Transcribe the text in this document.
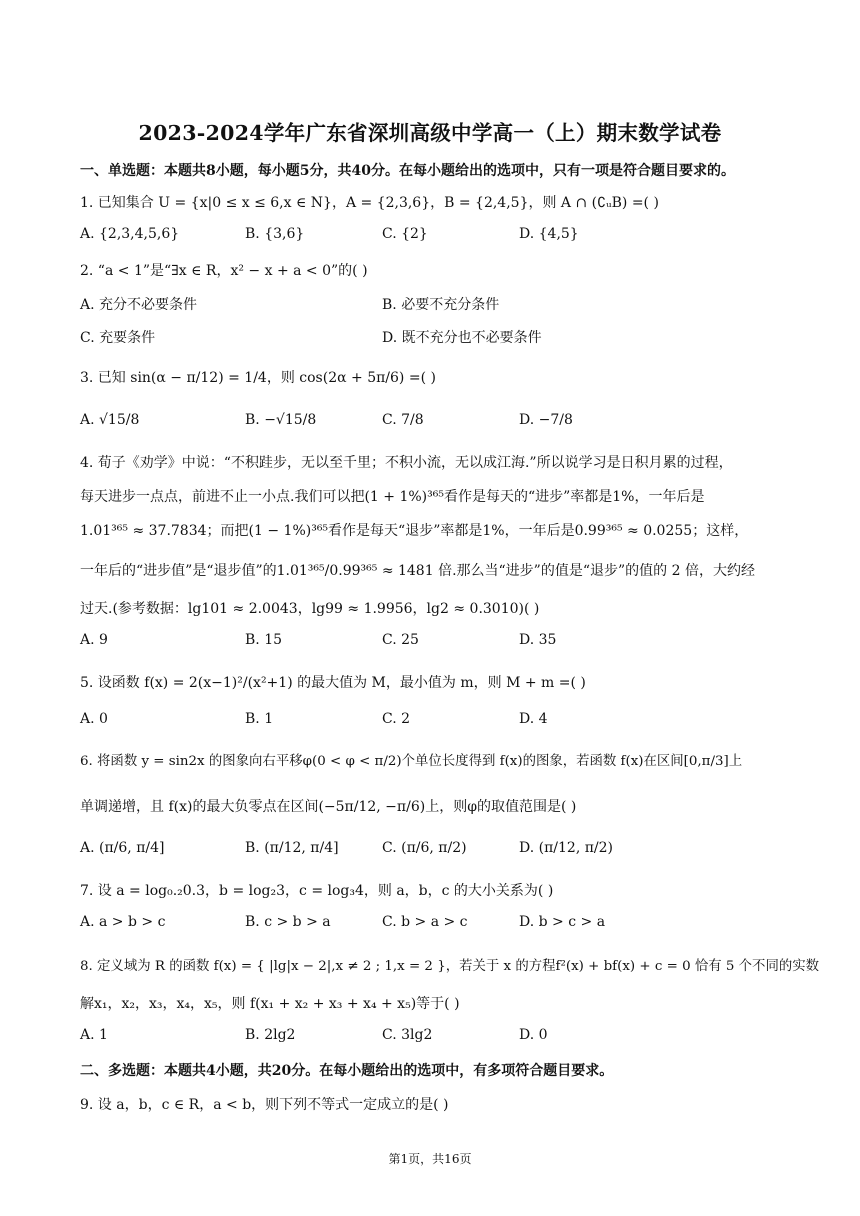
2023-2024学年广东省深圳高级中学高一（上）期末数学试卷
一、单选题：本题共8小题，每小题5分，共40分。在每小题给出的选项中，只有一项是符合题目要求的。
1. 已知集合 U = {x|0 ≤ x ≤ 6,x ∈ N}，A = {2,3,6}，B = {2,4,5}，则 A ∩ (∁ᵤB) =( )
A. {2,3,4,5,6}	B. {3,6}	C. {2}	D. {4,5}
2. “a < 1”是“∃x ∈ R，x² − x + a < 0”的( )
A. 充分不必要条件	B. 必要不充分条件
C. 充要条件	D. 既不充分也不必要条件
3. 已知 sin(α − π/12) = 1/4，则 cos(2α + 5π/6) =( )
A. √15/8	B. −√15/8	C. 7/8	D. −7/8
4. 荀子《劝学》中说：“不积跬步，无以至千里；不积小流，无以成江海.”所以说学习是日积月累的过程，
每天进步一点点，前进不止一小点.我们可以把(1 + 1%)³⁶⁵看作是每天的“进步”率都是1%，一年后是
1.01³⁶⁵ ≈ 37.7834；而把(1 − 1%)³⁶⁵看作是每天“退步”率都是1%，一年后是0.99³⁶⁵ ≈ 0.0255；这样，
一年后的“进步值”是“退步值”的1.01³⁶⁵/0.99³⁶⁵ ≈ 1481 倍.那么当“进步”的值是“退步”的值的 2 倍，大约经
过天.(参考数据：lg101 ≈ 2.0043，lg99 ≈ 1.9956，lg2 ≈ 0.3010)( )
A. 9	B. 15	C. 25	D. 35
5. 设函数 f(x) = 2(x−1)²/(x²+1) 的最大值为 M，最小值为 m，则 M + m =( )
A. 0	B. 1	C. 2	D. 4
6. 将函数 y = sin2x 的图象向右平移φ(0 < φ < π/2)个单位长度得到 f(x)的图象，若函数 f(x)在区间[0,π/3]上
单调递增，且 f(x)的最大负零点在区间(−5π/12, −π/6)上，则φ的取值范围是( )
A. (π/6, π/4]	B. (π/12, π/4]	C. (π/6, π/2)	D. (π/12, π/2)
7. 设 a = log₀.₂0.3，b = log₂3，c = log₃4，则 a，b，c 的大小关系为( )
A. a > b > c	B. c > b > a	C. b > a > c	D. b > c > a
8. 定义域为 R 的函数 f(x) = { |lg|x − 2|,x ≠ 2 ; 1,x = 2 }，若关于 x 的方程f²(x) + bf(x) + c = 0 恰有 5 个不同的实数
解x₁，x₂，x₃，x₄，x₅，则 f(x₁ + x₂ + x₃ + x₄ + x₅)等于( )
A. 1	B. 2lg2	C. 3lg2	D. 0
二、多选题：本题共4小题，共20分。在每小题给出的选项中，有多项符合题目要求。
9. 设 a，b，c ∈ R，a < b，则下列不等式一定成立的是( )
第1页，共16页
